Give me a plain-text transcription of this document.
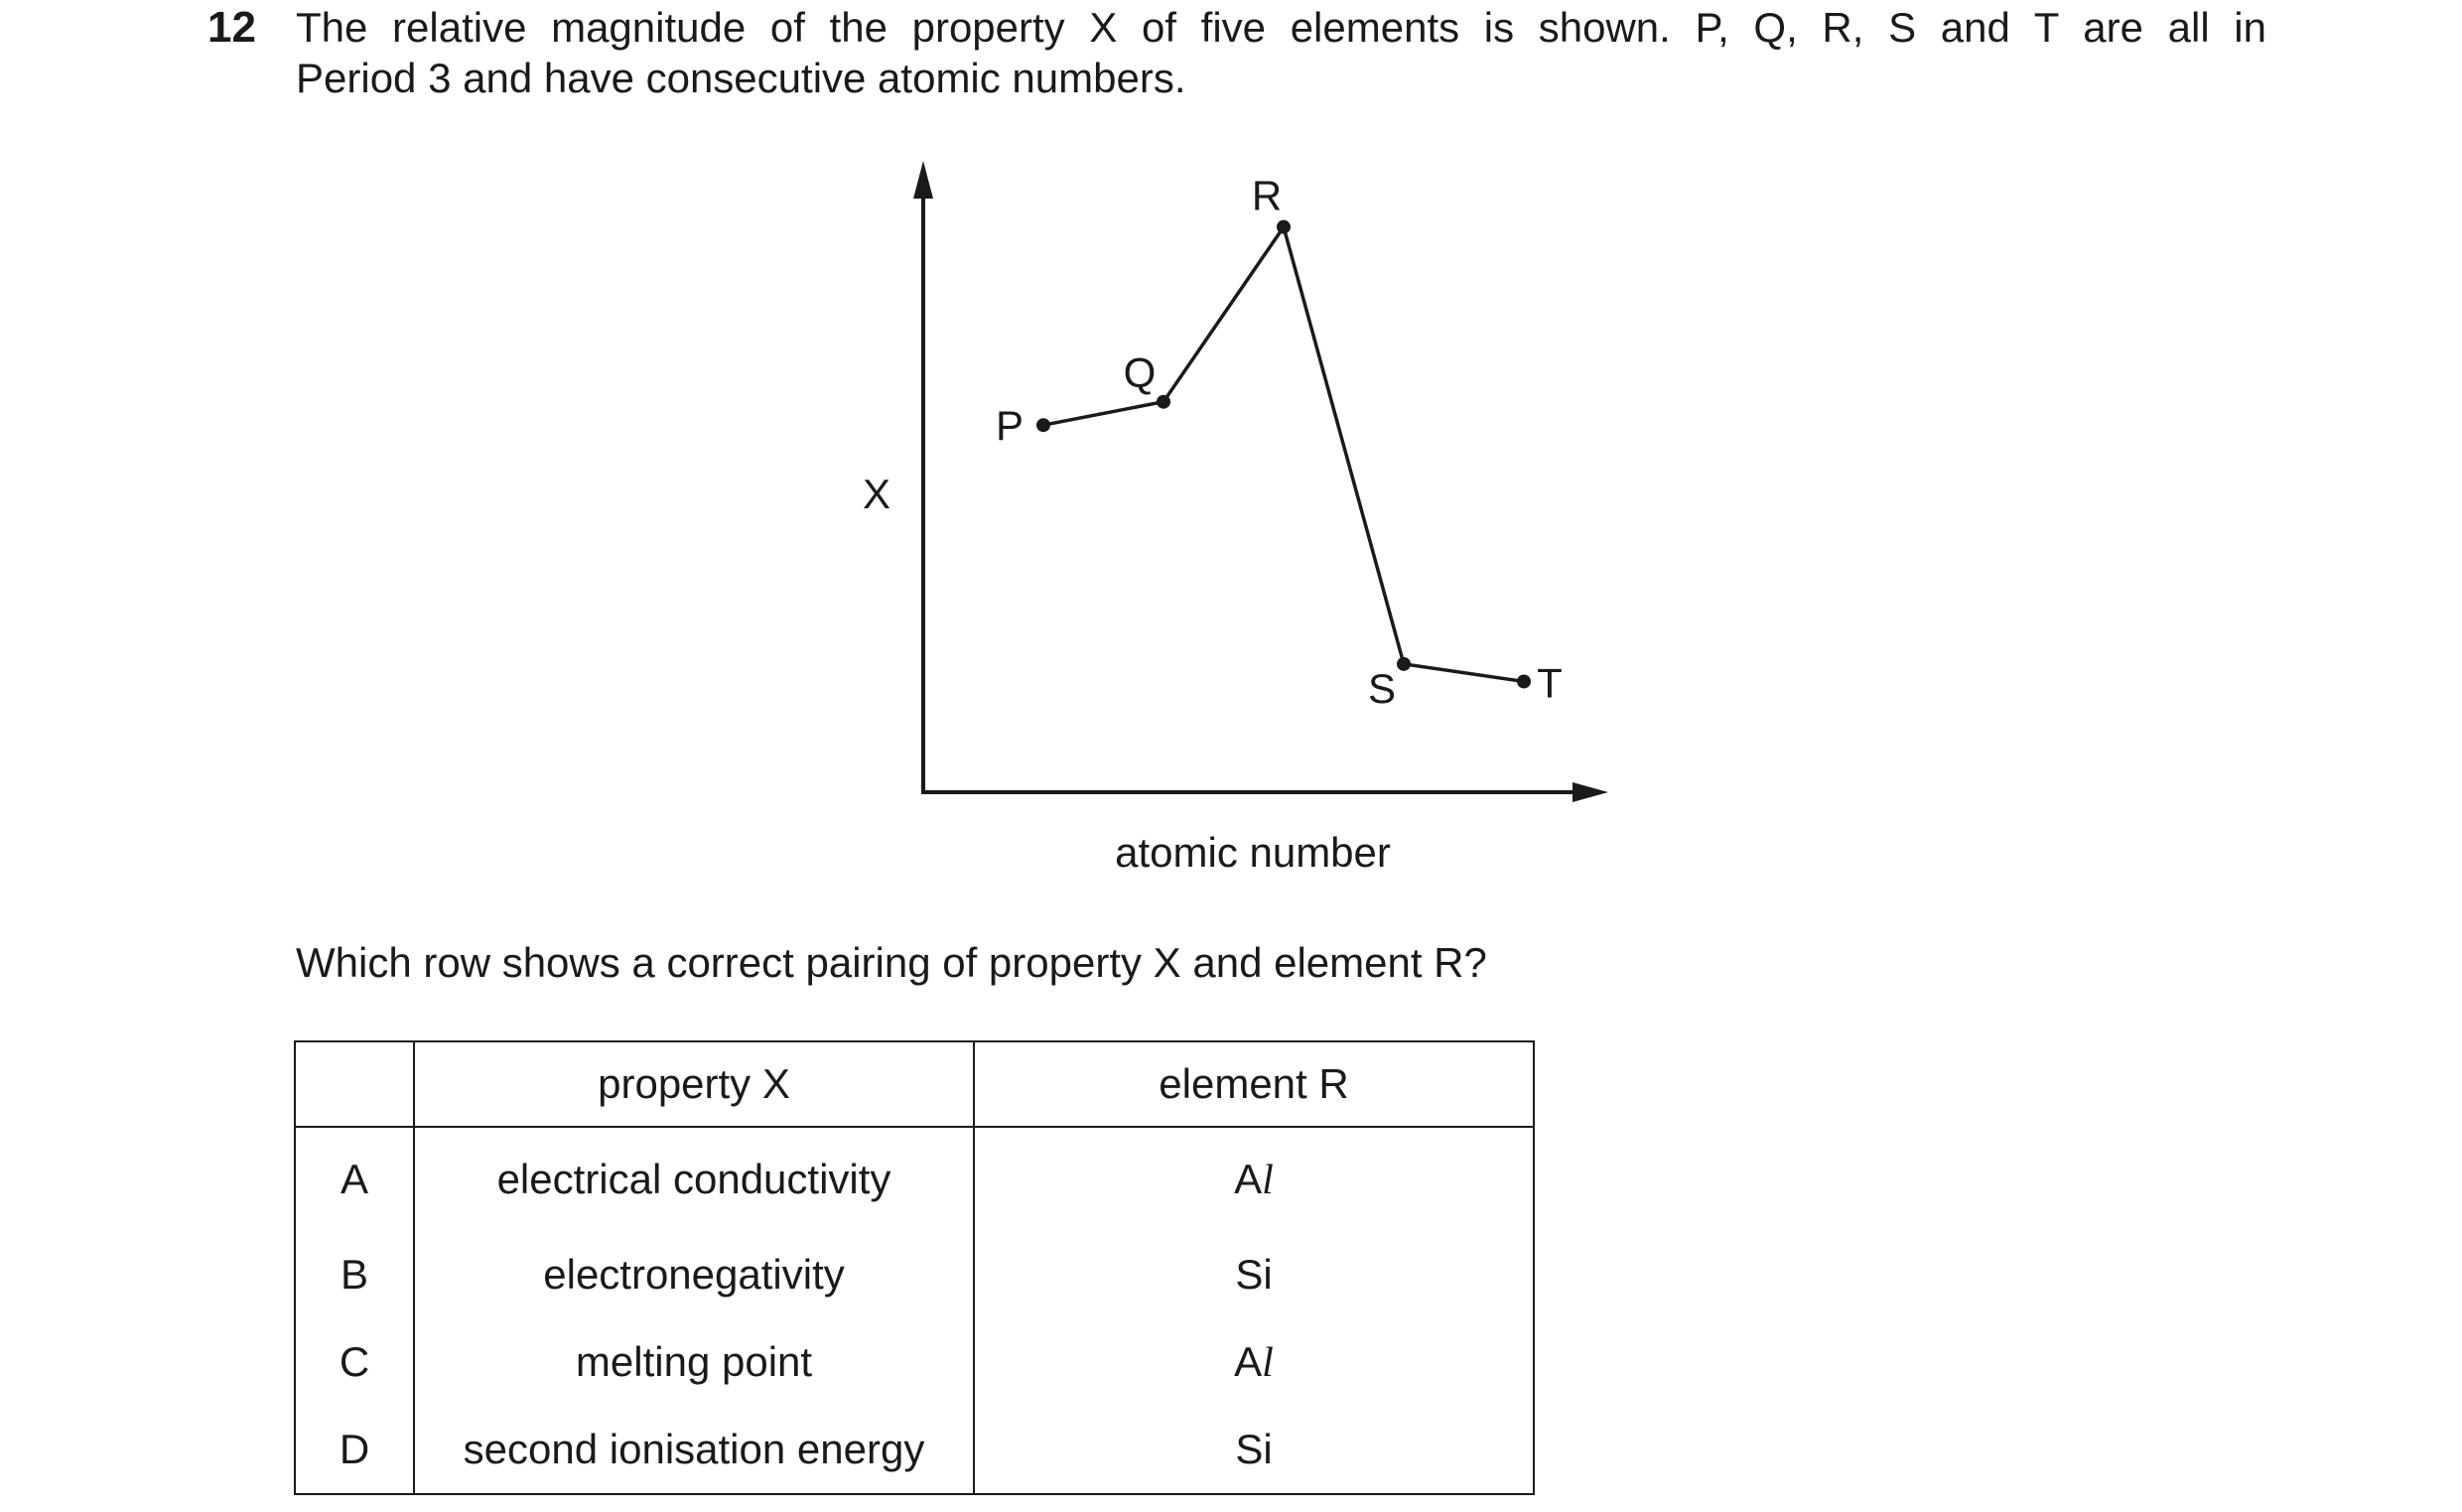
12 The relative magnitude of the property X of five elements is shown. P, Q, R, S and T are all in
Period 3 and have consecutive atomic numbers.
X
atomic number
P
Q
R
S	T
Which row shows a correct pairing of property X and element R?
	property X	element R
A	electrical conductivity	Al
B	electronegativity	Si
C	melting point	Al
D	second ionisation energy	Si
